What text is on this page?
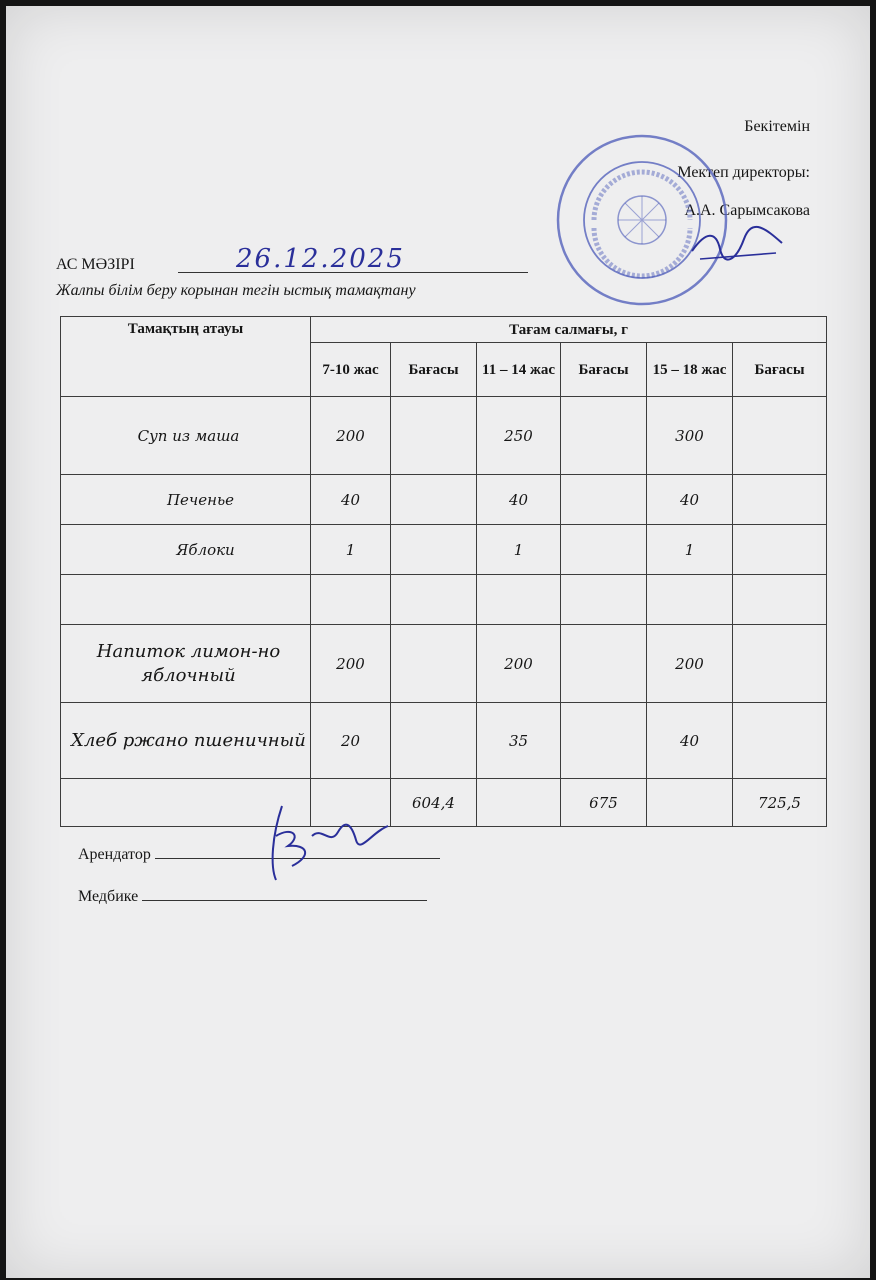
Бекітемін
Мектеп директоры:
А.А. Сарымсакова
АС МӘЗІРІ	26.12.2025
Жалпы білім беру корынан тегін ыстық тамақтану
Тамақтың атауы	Тағам салмағы, г					
	7-10 жас	Бағасы	11 – 14 жас	Бағасы	15 – 18 жас	Бағасы
Суп из маша	200		250		300	
Печенье	40		40		40	
Яблоки	1		1		1	

Напиток лимон-но яблочный	200		200		200	
Хлеб ржано пшеничный	20		35		40	
		604,4		675		725,5
Арендатор
Медбике
